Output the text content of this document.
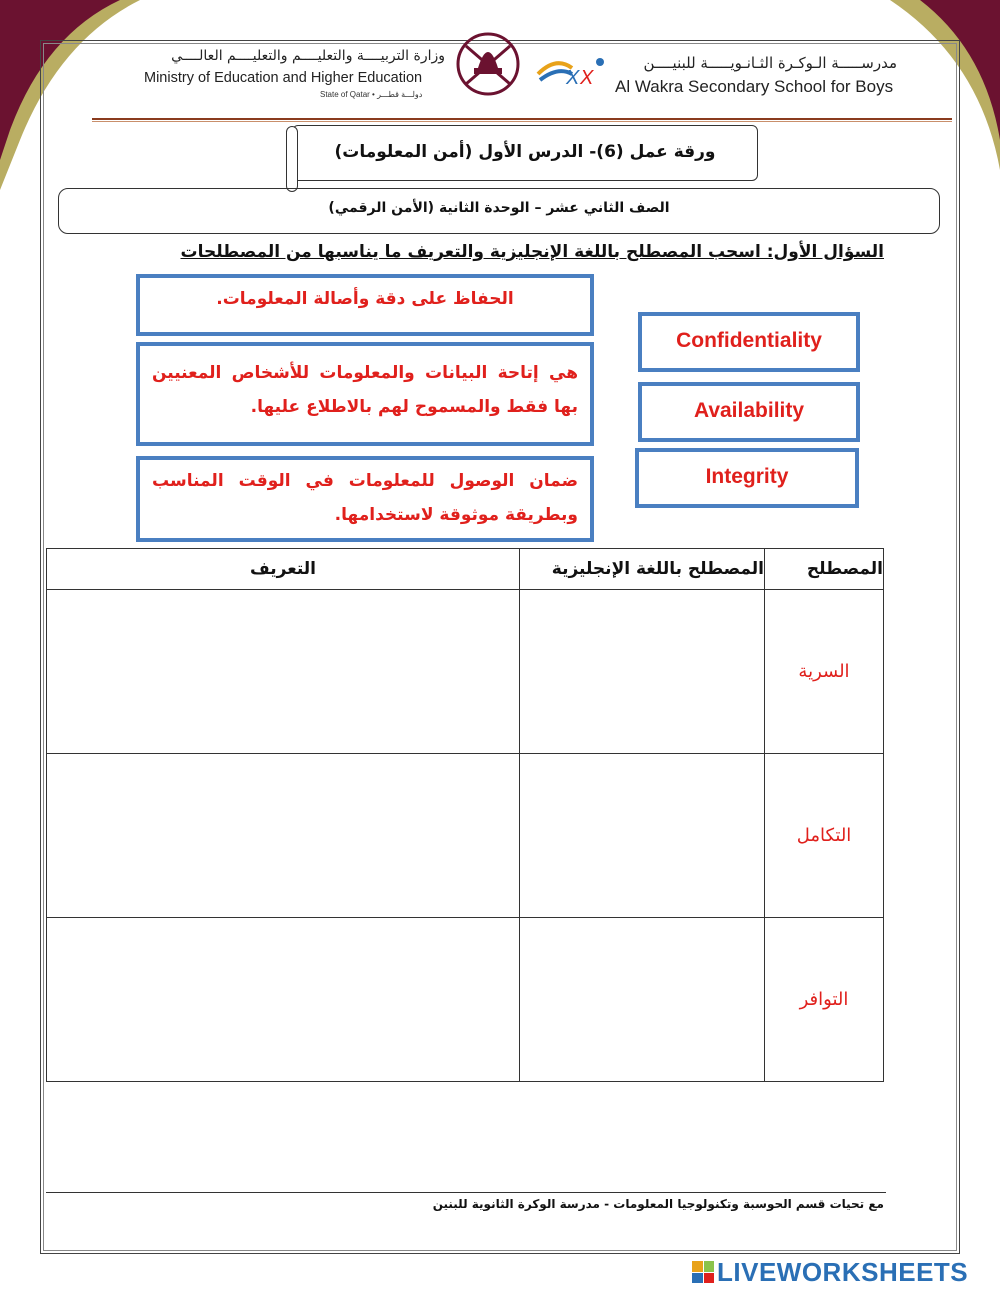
وزارة التربيــــة والتعليــــم والتعليــــم العالــــي
Ministry of Education and Higher Education
State of Qatar • دولـــة قطـــر
X X
مدرســـــة الـوكـرة الثـانـويـــــة للبنيــــن
Al Wakra Secondary School for Boys
ورقة عمل (6)- الدرس الأول (أمن المعلومات)
الصف الثاني عشر – الوحدة الثانية (الأمن الرقمي)
السؤال الأول: اسحب المصطلح باللغة الإنجليزية والتعريف ما يناسبها من المصطلحات
الحفاظ على دقة وأصالة المعلومات.
هي إتاحة البيانات والمعلومات للأشخاص المعنيين بها فقط والمسموح لهم بالاطلاع عليها.
ضمان الوصول للمعلومات في الوقت المناسب وبطريقة موثوقة لاستخدامها.
Confidentiality
Availability
Integrity
المصطلح	المصطلح باللغة الإنجليزية	التعريف
السرية		
التكامل		
التوافر		
مع تحيات قسم الحوسبة وتكنولوجيا المعلومات - مدرسة الوكرة الثانوية للبنين
LIVEWORKSHEETS
